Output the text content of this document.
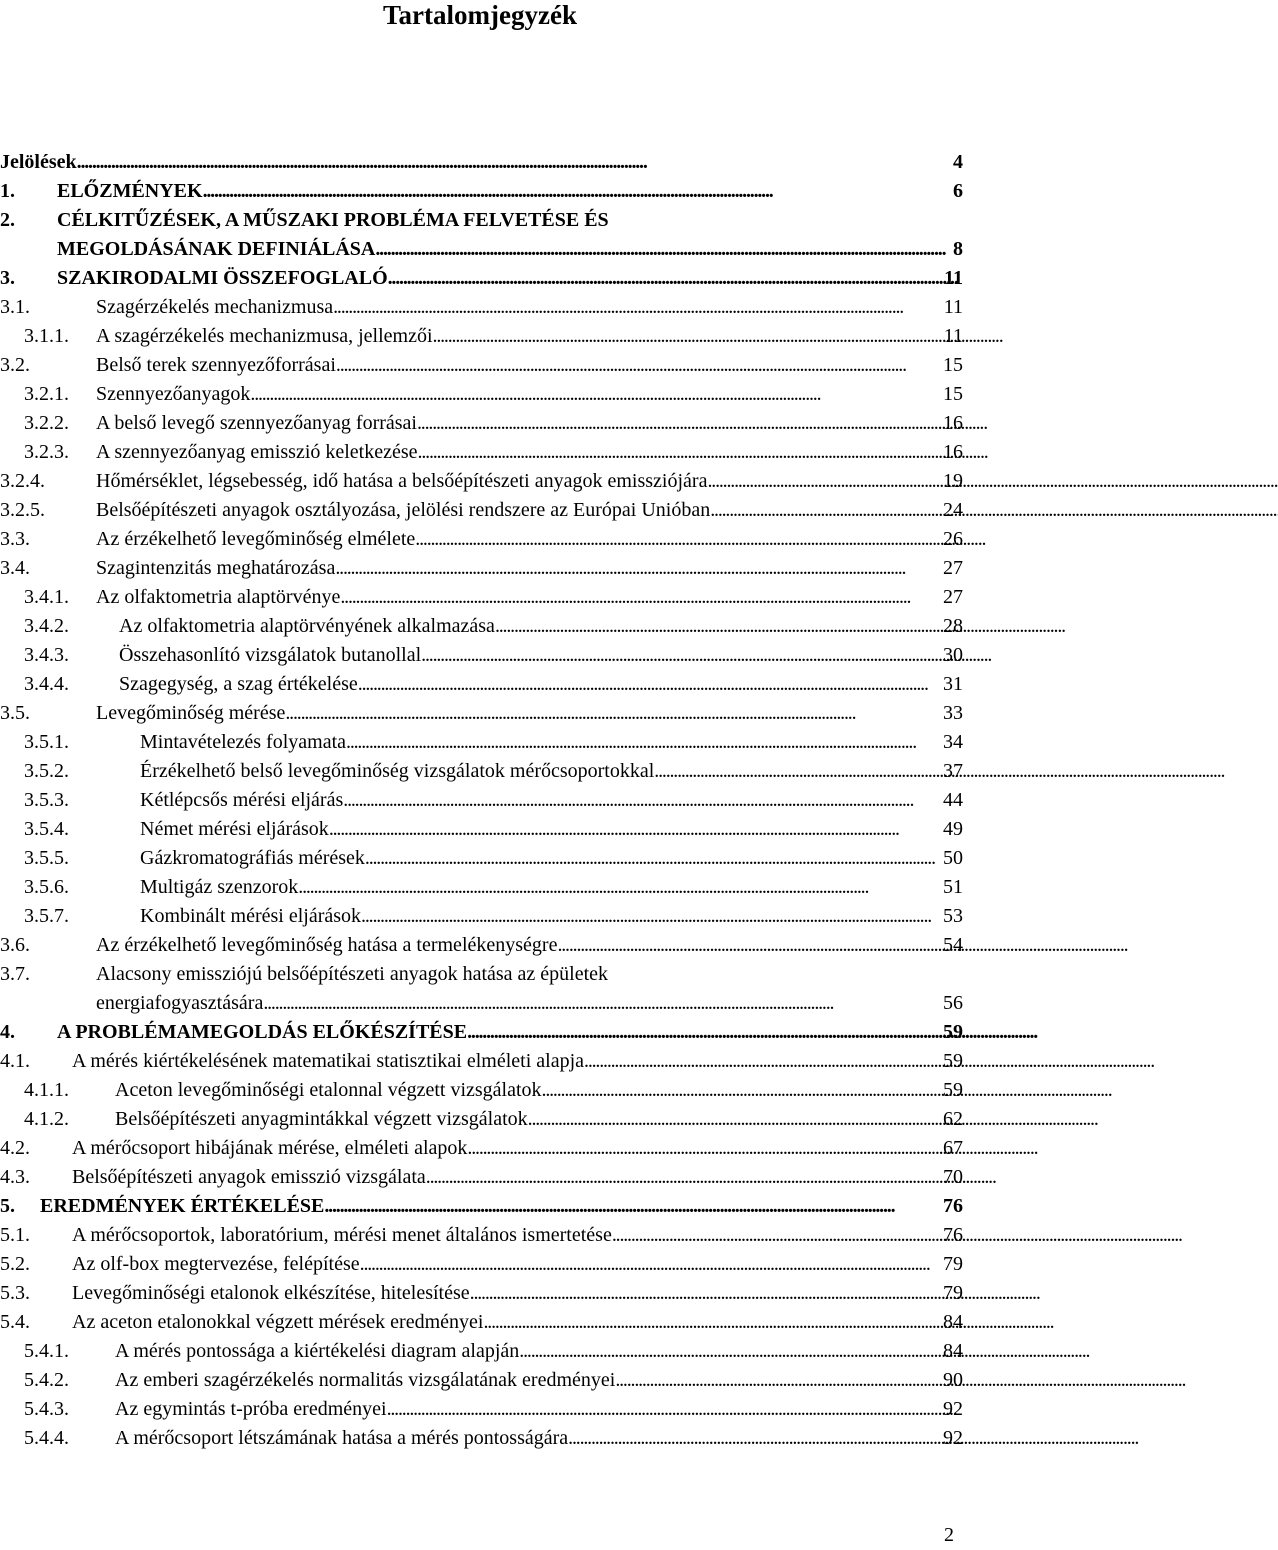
Tartalomjegyzék
Jelölések . . .	4
1. ELŐZMÉNYEK . . .	6
2. CÉLKITŰZÉSEK, A MŰSZAKI PROBLÉMA FELVETÉSE ÉS
MEGOLDÁSÁNAK DEFINIÁLÁSA . . .	8
3. SZAKIRODALMI ÖSSZEFOGLALÓ . . .	11
3.1.	Szagérzékelés mechanizmusa . . .	11
3.1.1. A szagérzékelés mechanizmusa, jellemzői . . .	11
3.2.	Belső terek szennyezőforrásai . . .	15
3.2.1. Szennyezőanyagok . . .	15
3.2.2. A belső levegő szennyezőanyag forrásai . . .	16
3.2.3. A szennyezőanyag emisszió keletkezése . . .	16
3.2.4.	Hőmérséklet, légsebesség, idő hatása a belsőépítészeti anyagok emissziójára . . .	19
3.2.5.	Belsőépítészeti anyagok osztályozása, jelölési rendszere az Európai Unióban . . .	24
3.3.	Az érzékelhető levegőminőség elmélete . . .	26
3.4.	Szagintenzitás meghatározása . . .	27
3.4.1. Az olfaktometria alaptörvénye . . .	27
3.4.2.	Az olfaktometria alaptörvényének alkalmazása . . .	28
3.4.3.	Összehasonlító vizsgálatok butanollal . . .	30
3.4.4.	Szagegység, a szag értékelése . . .	31
3.5.	Levegőminőség mérése . . .	33
3.5.1.	Mintavételezés folyamata . . .	34
3.5.2.	Érzékelhető belső levegőminőség vizsgálatok mérőcsoportokkal . . .	37
3.5.3.	Kétlépcsős mérési eljárás . . .	44
3.5.4.	Német mérési eljárások . . .	49
3.5.5.	Gázkromatográfiás mérések . . .	50
3.5.6.	Multigáz szenzorok . . .	51
3.5.7.	Kombinált mérési eljárások . . .	53
3.6.	Az érzékelhető levegőminőség hatása a termelékenységre . . .	54
3.7.	Alacsony emissziójú belsőépítészeti anyagok hatása az épületek
energiafogyasztására . . .	56
4. A PROBLÉMAMEGOLDÁS ELŐKÉSZÍTÉSE . . .	59
4.1. A mérés kiértékelésének matematikai statisztikai elméleti alapja . . .	59
4.1.1. Aceton levegőminőségi etalonnal végzett vizsgálatok . . .	59
4.1.2. Belsőépítészeti anyagmintákkal végzett vizsgálatok . . .	62
4.2. A mérőcsoport hibájának mérése, elméleti alapok . . .	67
4.3. Belsőépítészeti anyagok emisszió vizsgálata . . .	70
5. EREDMÉNYEK ÉRTÉKELÉSE . . .	76
5.1. A mérőcsoportok, laboratórium, mérési menet általános ismertetése . . .	76
5.2. Az olf-box megtervezése, felépítése . . .	79
5.3. Levegőminőségi etalonok elkészítése, hitelesítése . . .	79
5.4. Az aceton etalonokkal végzett mérések eredményei . . .	84
5.4.1. A mérés pontossága a kiértékelési diagram alapján . . .	84
5.4.2. Az emberi szagérzékelés normalitás vizsgálatának eredményei . . .	90
5.4.3. Az egymintás t-próba eredményei . . .	92
5.4.4. A mérőcsoport létszámának hatása a mérés pontosságára . . .	92
2
